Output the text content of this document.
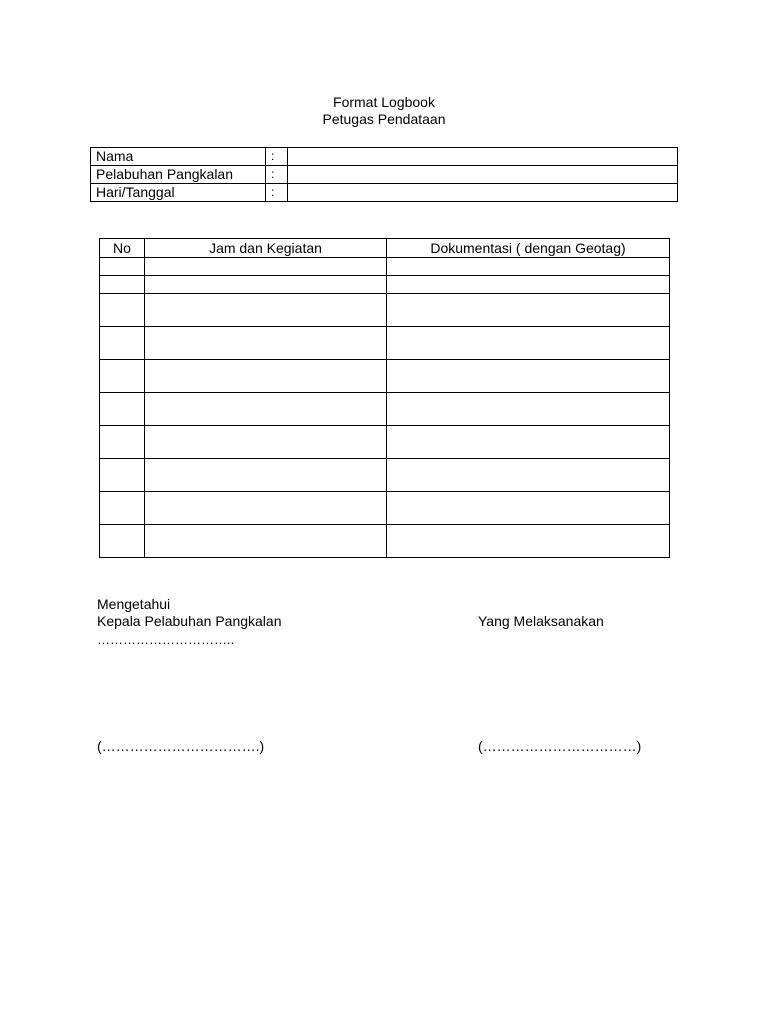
Format Logbook
Petugas Pendataan
Nama	:	
Pelabuhan Pangkalan	:	
Hari/Tanggal	:	
No	Jam dan Kegiatan	Dokumentasi ( dengan Geotag)

Mengetahui
Kepala Pelabuhan Pangkalan
…………………………..
Yang Melaksanakan
(…………………………….)	(……………………………)
